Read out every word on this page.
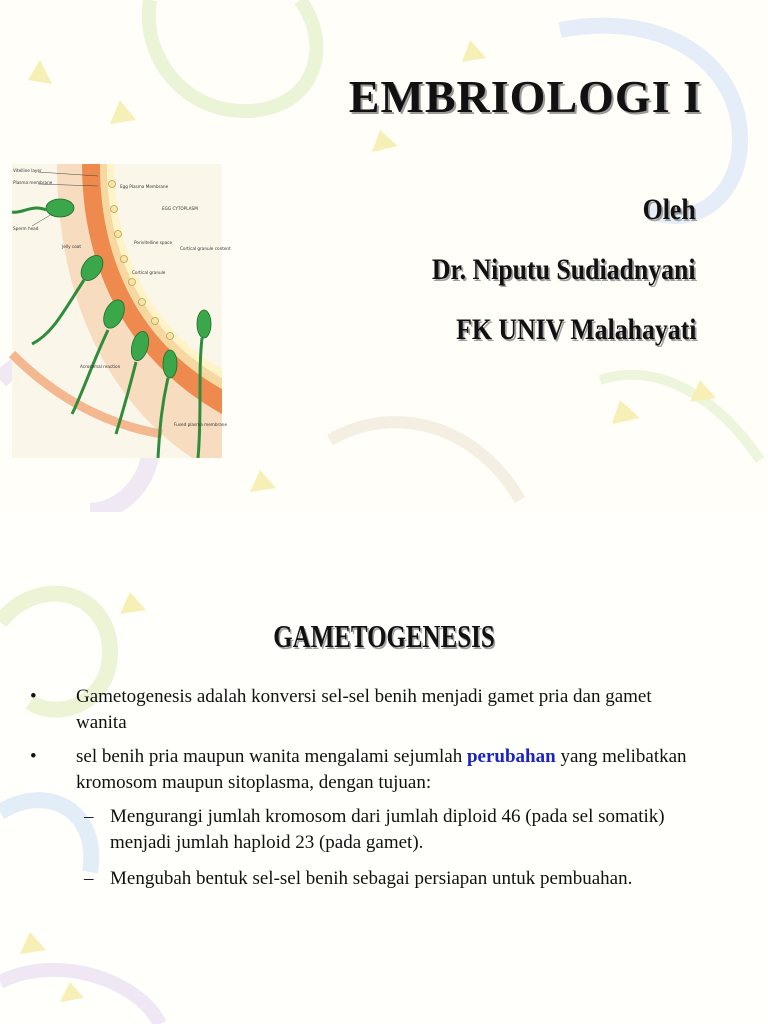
EMBRIOLOGI I
Oleh
Dr. Niputu Sudiadnyani
FK UNIV Malahayati
Vitelline layer
Plasma membrane
Sperm head
Egg Plasma Membrane
EGG CYTOPLASM
Perivitelline space
Cortical granule
Jelly coat	Cortical granule content
Acrosomal reaction
Fused plasma membrane
GAMETOGENESIS
• Gametogenesis adalah konversi sel-sel benih menjadi gamet pria dan gamet wanita
• sel benih pria maupun wanita mengalami sejumlah perubahan yang melibatkan kromosom maupun sitoplasma, dengan tujuan:
– Mengurangi jumlah kromosom dari jumlah diploid 46 (pada sel somatik) menjadi jumlah haploid 23 (pada gamet).
– Mengubah bentuk sel-sel benih sebagai persiapan untuk pembuahan.
